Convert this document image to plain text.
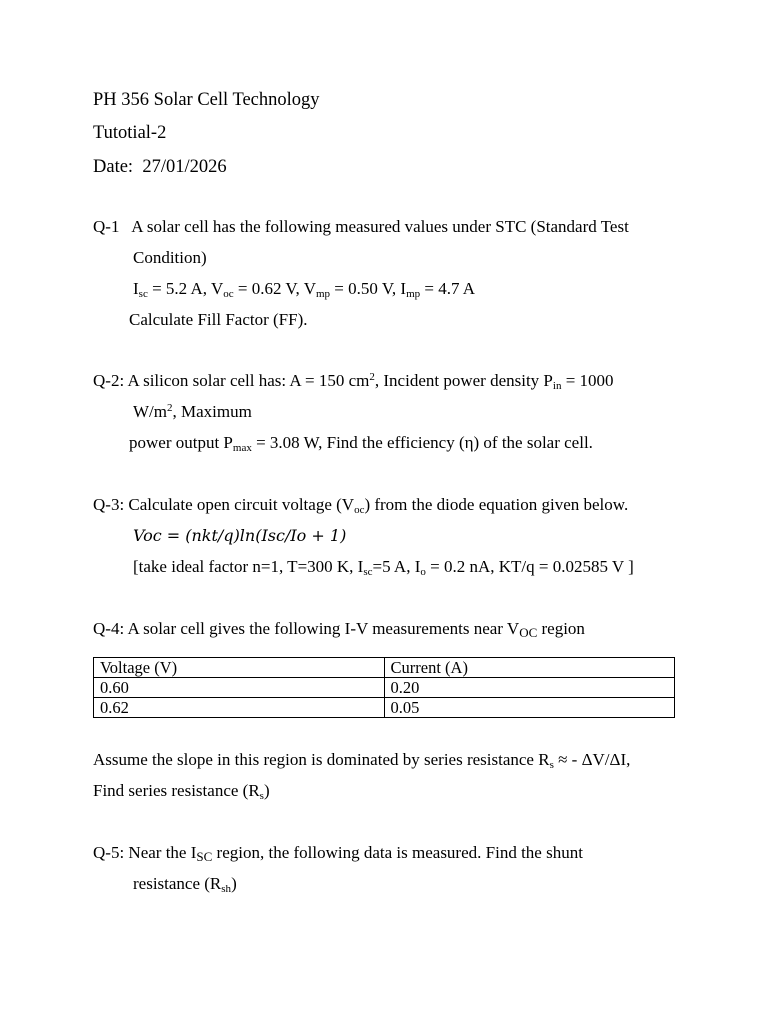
PH 356 Solar Cell Technology
Tutotial-2
Date: 27/01/2026
Q-1 A solar cell has the following measured values under STC (Standard Test
Condition)
$I_{sc} = 5.2$ A, $V_{oc} = 0.62$ V, $V_{mp} = 0.50$ V, $I_{mp} = 4.7$ A
Calculate Fill Factor (FF).
Q-2: A silicon solar cell has: A = 150 $cm^2$, Incident power density $P_{in} = 1000$
$W/m^2$, Maximum
power output $P_{max} = 3.08$ W, Find the efficiency (η) of the solar cell.
Q-3: Calculate open circuit voltage $(V_{oc})$ from the diode equation given below.
Voc = (nkt/q)ln(Isc/Io + 1)
[take ideal factor n=1, T=300 K, $I_{sc}=5$ A, $I_o = 0.2$ nA, KT/q = 0.02585 V ]
Q-4: A solar cell gives the following I-V measurements near $V_{OC}$ region
Voltage (V)	Current (A)
0.60	0.20
0.62	0.05
Assume the slope in this region is dominated by series resistance $R_s$ ≈ - ΔV/ΔI,
Find series resistance $(R_s)$
Q-5: Near the $I_{SC}$ region, the following data is measured. Find the shunt
resistance $(R_{sh})$
